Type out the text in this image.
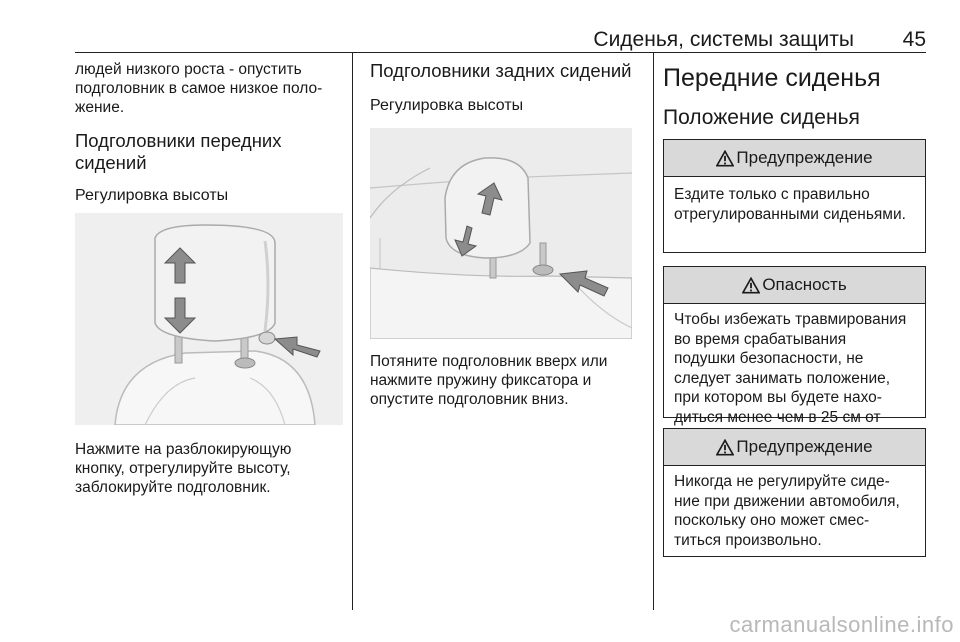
Сиденья, системы защиты 45

людей низкого роста - опустить

подголовник в самое низкое поло-

жение.

Подголовники передних

сидений

Регулировка высоты

Нажмите на разблокирующую

кнопку, отрегулируйте высоту,

заблокируйте подголовник.

Подголовники задних сидений

Регулировка высоты

Потяните подголовник вверх или

нажмите пружину фиксатора и

опустите подголовник вниз.

Передние сиденья

Положение сиденья

Предупреждение

Ездите только с правильно

отрегулированными сиденьями.

Опасность

Чтобы избежать травмирования

во время срабатывания

подушки безопасности, не

следует занимать положение,

при котором вы будете нахо-

диться менее чем в 25 см от

Предупреждение

Никогда не регулируйте сиде-

ние при движении автомобиля,

поскольку оно может смес-

титься произвольно.

carmanualsonline.info
